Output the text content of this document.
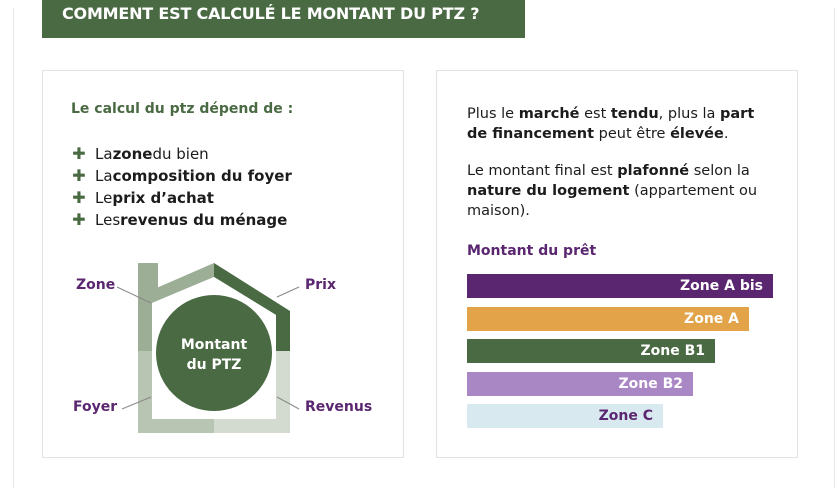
COMMENT EST CALCULÉ LE MONTANT DU PTZ ?
Le calcul du ptz dépend de :
✚ La zone du bien
✚ La composition du foyer
✚ Le prix d’achat
✚ Les revenus du ménage
Montant
du PTZ
Zone	Prix
Foyer	Revenus
Plus le marché est tendu, plus la part de financement peut être élevée.
Le montant final est plafonné selon la nature du logement (appartement ou maison).
Montant du prêt
Zone A bis
Zone A
Zone B1
Zone B2
Zone C
